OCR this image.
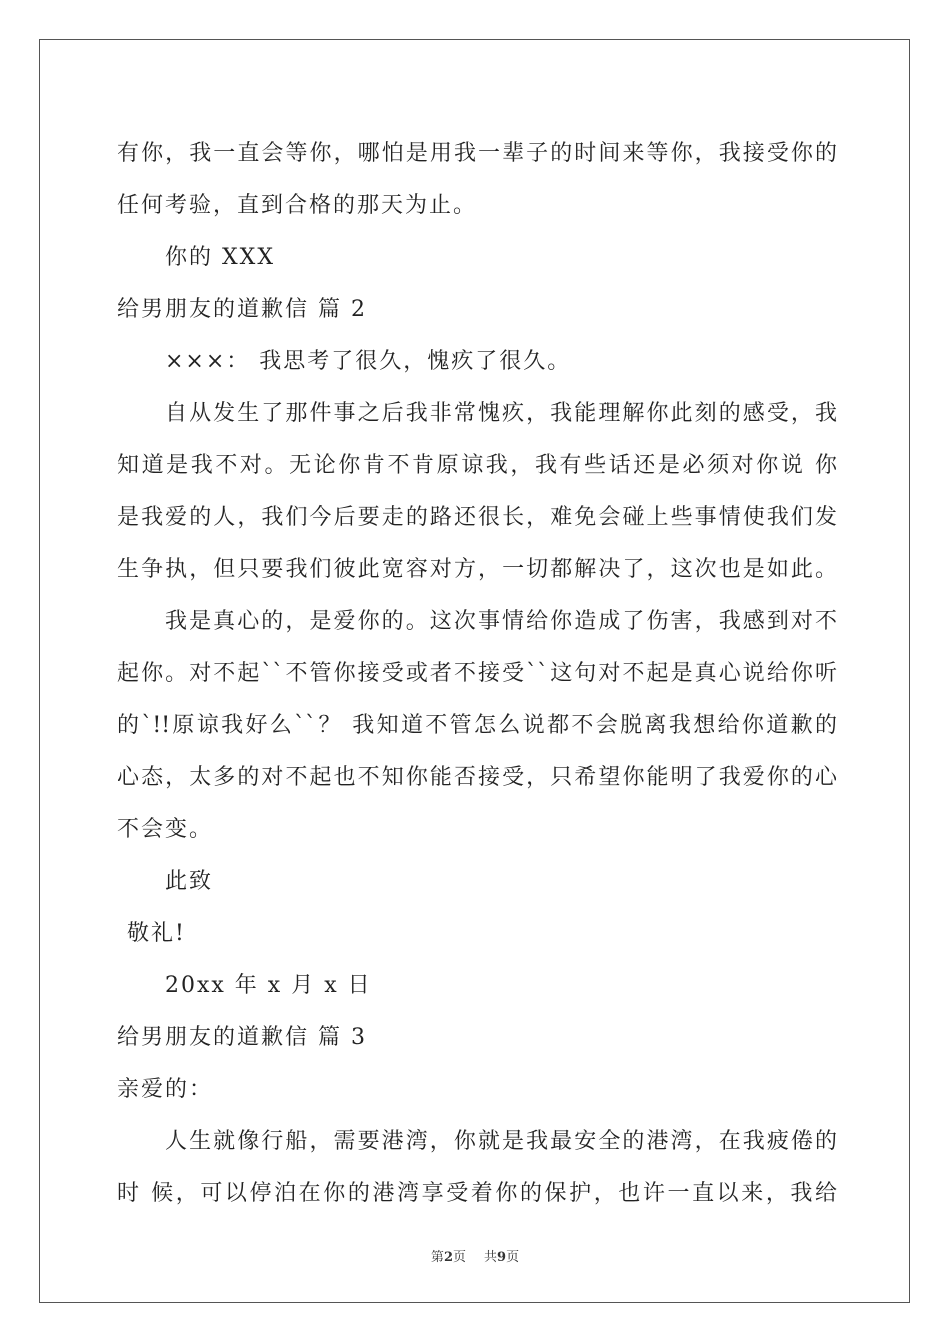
有你，我一直会等你，哪怕是用我一辈子的时间来等你，我接受你的
任何考验，直到合格的那天为止。
你的 XXX
给男朋友的道歉信 篇 2
×××： 我思考了很久，愧疚了很久。
自从发生了那件事之后我非常愧疚，我能理解你此刻的感受，我
知道是我不对。无论你肯不肯原谅我，我有些话还是必须对你说 你
是我爱的人，我们今后要走的路还很长，难免会碰上些事情使我们发
生争执，但只要我们彼此宽容对方，一切都解决了，这次也是如此。
我是真心的，是爱你的。这次事情给你造成了伤害，我感到对不
起你。对不起``不管你接受或者不接受``这句对不起是真心说给你听
的`!!原谅我好么``？ 我知道不管怎么说都不会脱离我想给你道歉的
心态，太多的对不起也不知你能否接受，只希望你能明了我爱你的心
不会变。
此致
敬礼!
20xx 年 x 月 x 日
给男朋友的道歉信 篇 3
亲爱的：
人生就像行船，需要港湾，你就是我最安全的港湾，在我疲倦的
时 候，可以停泊在你的港湾享受着你的保护，也许一直以来，我给
第2页 共9页
